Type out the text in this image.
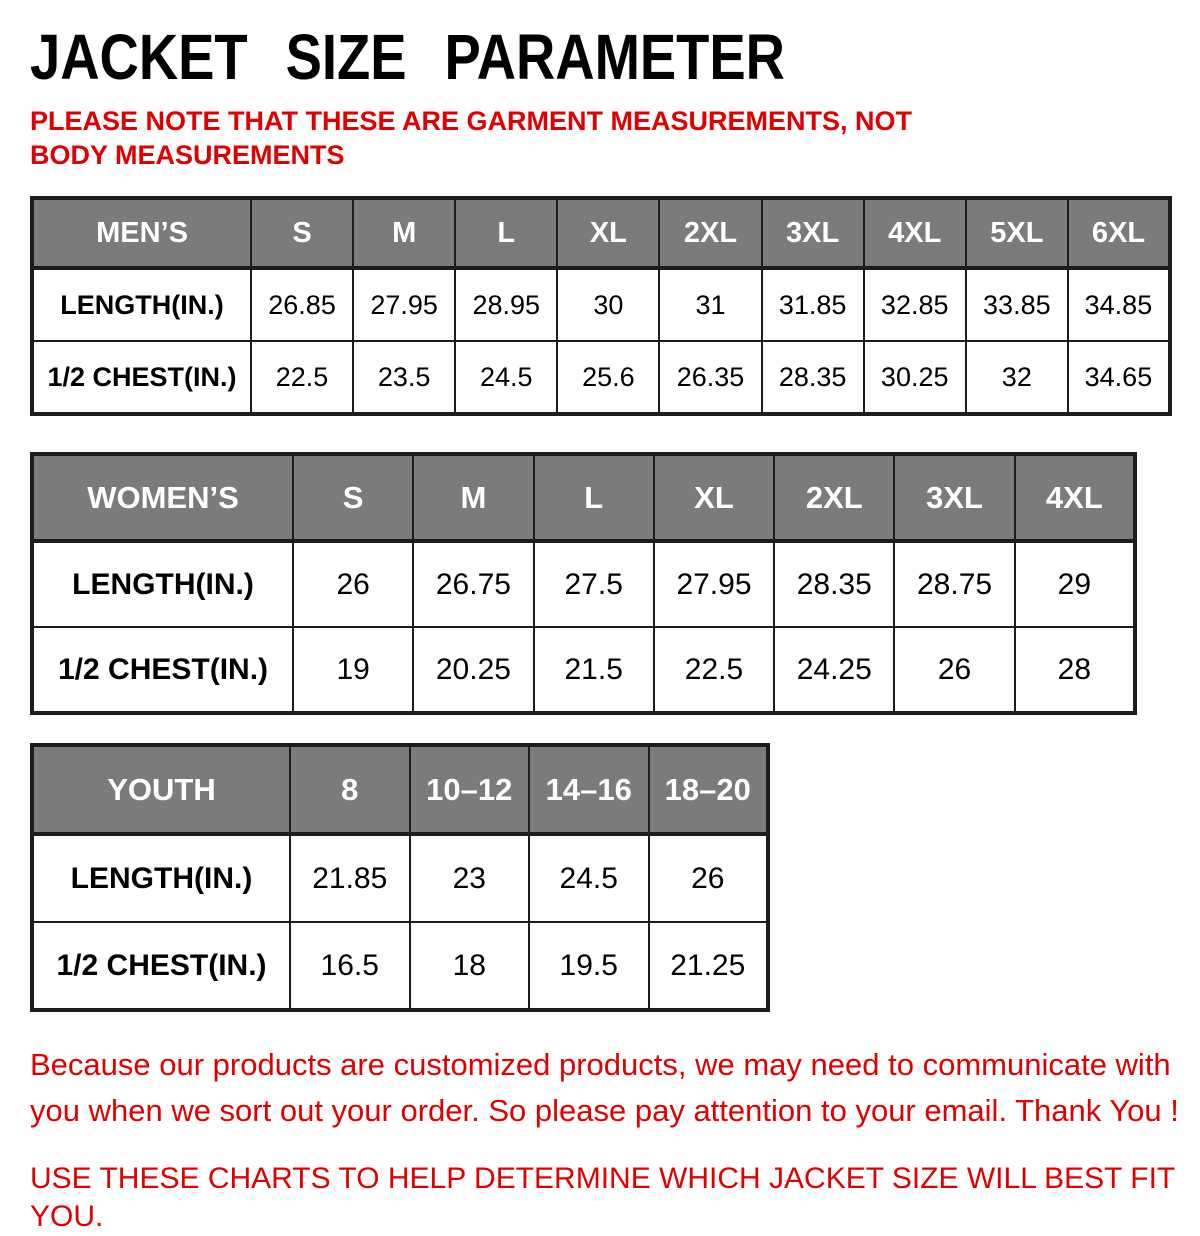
JACKET SIZE PARAMETER
PLEASE NOTE THAT THESE ARE GARMENT MEASUREMENTS, NOT BODY MEASUREMENTS
MEN’S	S	M	L	XL	2XL	3XL	4XL	5XL	6XL
LENGTH(IN.)	26.85	27.95	28.95	30	31	31.85	32.85	33.85	34.85
1/2 CHEST(IN.)	22.5	23.5	24.5	25.6	26.35	28.35	30.25	32	34.65
WOMEN’S	S	M	L	XL	2XL	3XL	4XL
LENGTH(IN.)	26	26.75	27.5	27.95	28.35	28.75	29
1/2 CHEST(IN.)	19	20.25	21.5	22.5	24.25	26	28
YOUTH	8	10–12	14–16	18–20
LENGTH(IN.)	21.85	23	24.5	26
1/2 CHEST(IN.)	16.5	18	19.5	21.25
Because our products are customized products, we may need to communicate with you when we sort out your order. So please pay attention to your email. Thank You !
USE THESE CHARTS TO HELP DETERMINE WHICH JACKET SIZE WILL BEST FIT YOU.
